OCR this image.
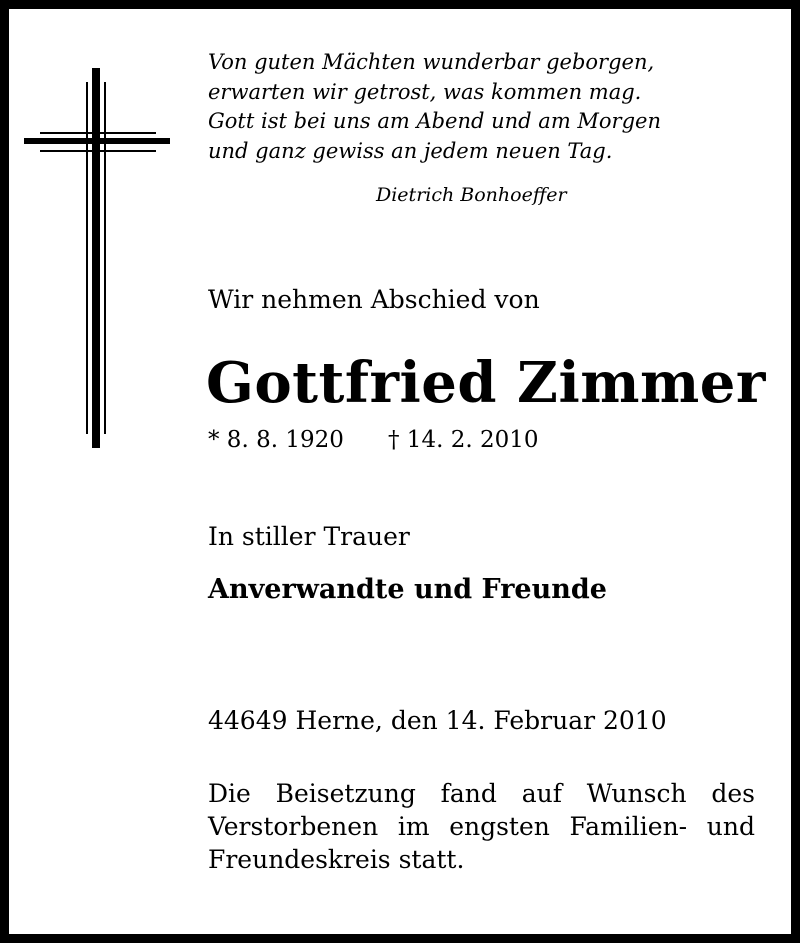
Von guten Mächten wunderbar geborgen,
erwarten wir getrost, was kommen mag.
Gott ist bei uns am Abend und am Morgen
und ganz gewiss an jedem neuen Tag.
Dietrich Bonhoeffer
Wir nehmen Abschied von
Gottfried Zimmer
* 8. 8. 1920 † 14. 2. 2010
In stiller Trauer
Anverwandte und Freunde
44649 Herne, den 14. Februar 2010
Die Beisetzung fand auf Wunsch des
Verstorbenen im engsten Familien- und
Freundeskreis statt.
